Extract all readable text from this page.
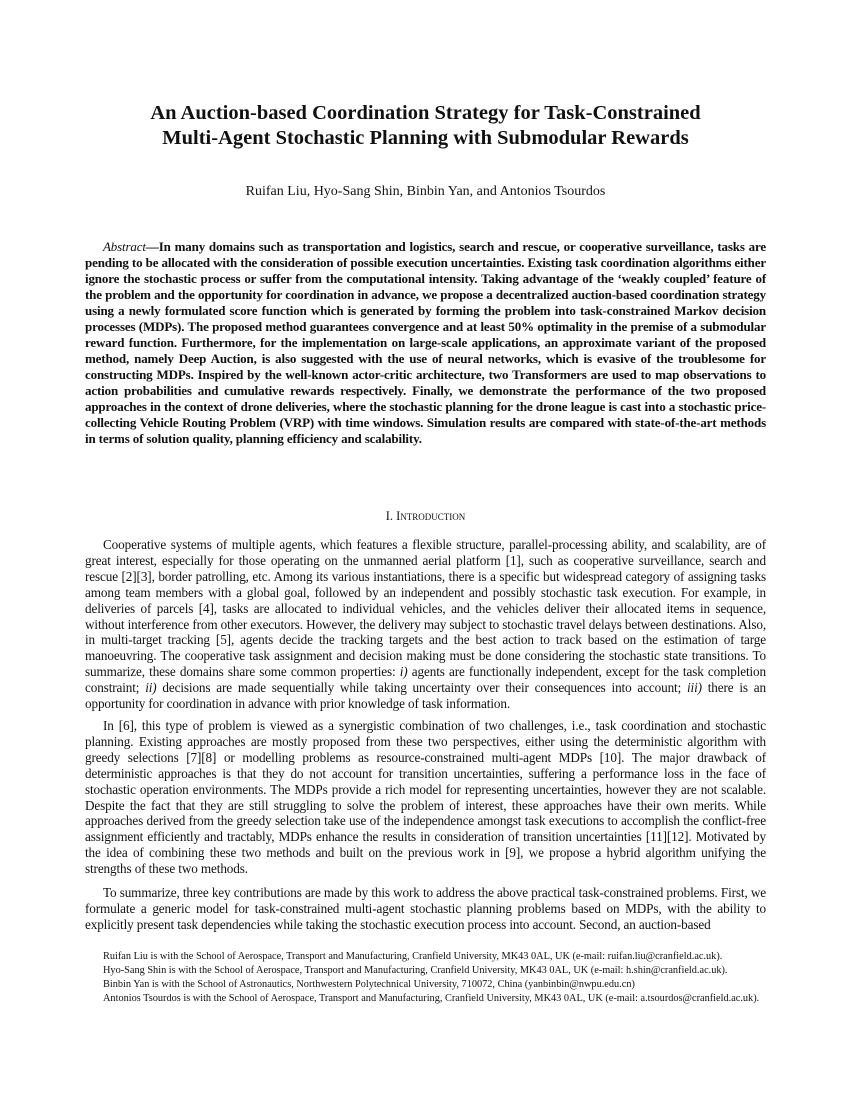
An Auction-based Coordination Strategy for Task-Constrained
Multi-Agent Stochastic Planning with Submodular Rewards
Ruifan Liu, Hyo-Sang Shin, Binbin Yan, and Antonios Tsourdos
Abstract—In many domains such as transportation and logistics, search and rescue, or cooperative surveillance, tasks are pending to be allocated with the consideration of possible execution uncertainties. Existing task coordination algorithms either ignore the stochastic process or suffer from the computational intensity. Taking advantage of the ‘weakly coupled’ feature of the problem and the opportunity for coordination in advance, we propose a decentralized auction-based coordination strategy using a newly formulated score function which is generated by forming the problem into task-constrained Markov decision processes (MDPs). The proposed method guarantees convergence and at least 50% optimality in the premise of a submodular reward function. Furthermore, for the implementation on large-scale applications, an approximate variant of the proposed method, namely Deep Auction, is also suggested with the use of neural networks, which is evasive of the troublesome for constructing MDPs. Inspired by the well-known actor-critic architecture, two Transformers are used to map observations to action probabilities and cumulative rewards respectively. Finally, we demonstrate the performance of the two proposed approaches in the context of drone deliveries, where the stochastic planning for the drone league is cast into a stochastic price-collecting Vehicle Routing Problem (VRP) with time windows. Simulation results are compared with state-of-the-art methods in terms of solution quality, planning efficiency and scalability.
I. Introduction
Cooperative systems of multiple agents, which features a flexible structure, parallel-processing ability, and scalability, are of great interest, especially for those operating on the unmanned aerial platform [1], such as cooperative surveillance, search and rescue [2][3], border patrolling, etc. Among its various instantiations, there is a specific but widespread category of assigning tasks among team members with a global goal, followed by an independent and possibly stochastic task execution. For example, in deliveries of parcels [4], tasks are allocated to individual vehicles, and the vehicles deliver their allocated items in sequence, without interference from other executors. However, the delivery may subject to stochastic travel delays between destinations. Also, in multi-target tracking [5], agents decide the tracking targets and the best action to track based on the estimation of targe manoeuvring. The cooperative task assignment and decision making must be done considering the stochastic state transitions. To summarize, these domains share some common properties: i) agents are functionally independent, except for the task completion constraint; ii) decisions are made sequentially while taking uncertainty over their consequences into account; iii) there is an opportunity for coordination in advance with prior knowledge of task information.
In [6], this type of problem is viewed as a synergistic combination of two challenges, i.e., task coordination and stochastic planning. Existing approaches are mostly proposed from these two perspectives, either using the deterministic algorithm with greedy selections [7][8] or modelling problems as resource-constrained multi-agent MDPs [10]. The major drawback of deterministic approaches is that they do not account for transition uncertainties, suffering a performance loss in the face of stochastic operation environments. The MDPs provide a rich model for representing uncertainties, however they are not scalable. Despite the fact that they are still struggling to solve the problem of interest, these approaches have their own merits. While approaches derived from the greedy selection take use of the independence amongst task executions to accomplish the conflict-free assignment efficiently and tractably, MDPs enhance the results in consideration of transition uncertainties [11][12]. Motivated by the idea of combining these two methods and built on the previous work in [9], we propose a hybrid algorithm unifying the strengths of these two methods.
To summarize, three key contributions are made by this work to address the above practical task-constrained problems. First, we formulate a generic model for task-constrained multi-agent stochastic planning problems based on MDPs, with the ability to explicitly present task dependencies while taking the stochastic execution process into account. Second, an auction-based
Ruifan Liu is with the School of Aerospace, Transport and Manufacturing, Cranfield University, MK43 0AL, UK (e-mail: ruifan.liu@cranfield.ac.uk).
Hyo-Sang Shin is with the School of Aerospace, Transport and Manufacturing, Cranfield University, MK43 0AL, UK (e-mail: h.shin@cranfield.ac.uk).
Binbin Yan is with the School of Astronautics, Northwestern Polytechnical University, 710072, China (yanbinbin@nwpu.edu.cn)
Antonios Tsourdos is with the School of Aerospace, Transport and Manufacturing, Cranfield University, MK43 0AL, UK (e-mail: a.tsourdos@cranfield.ac.uk).
